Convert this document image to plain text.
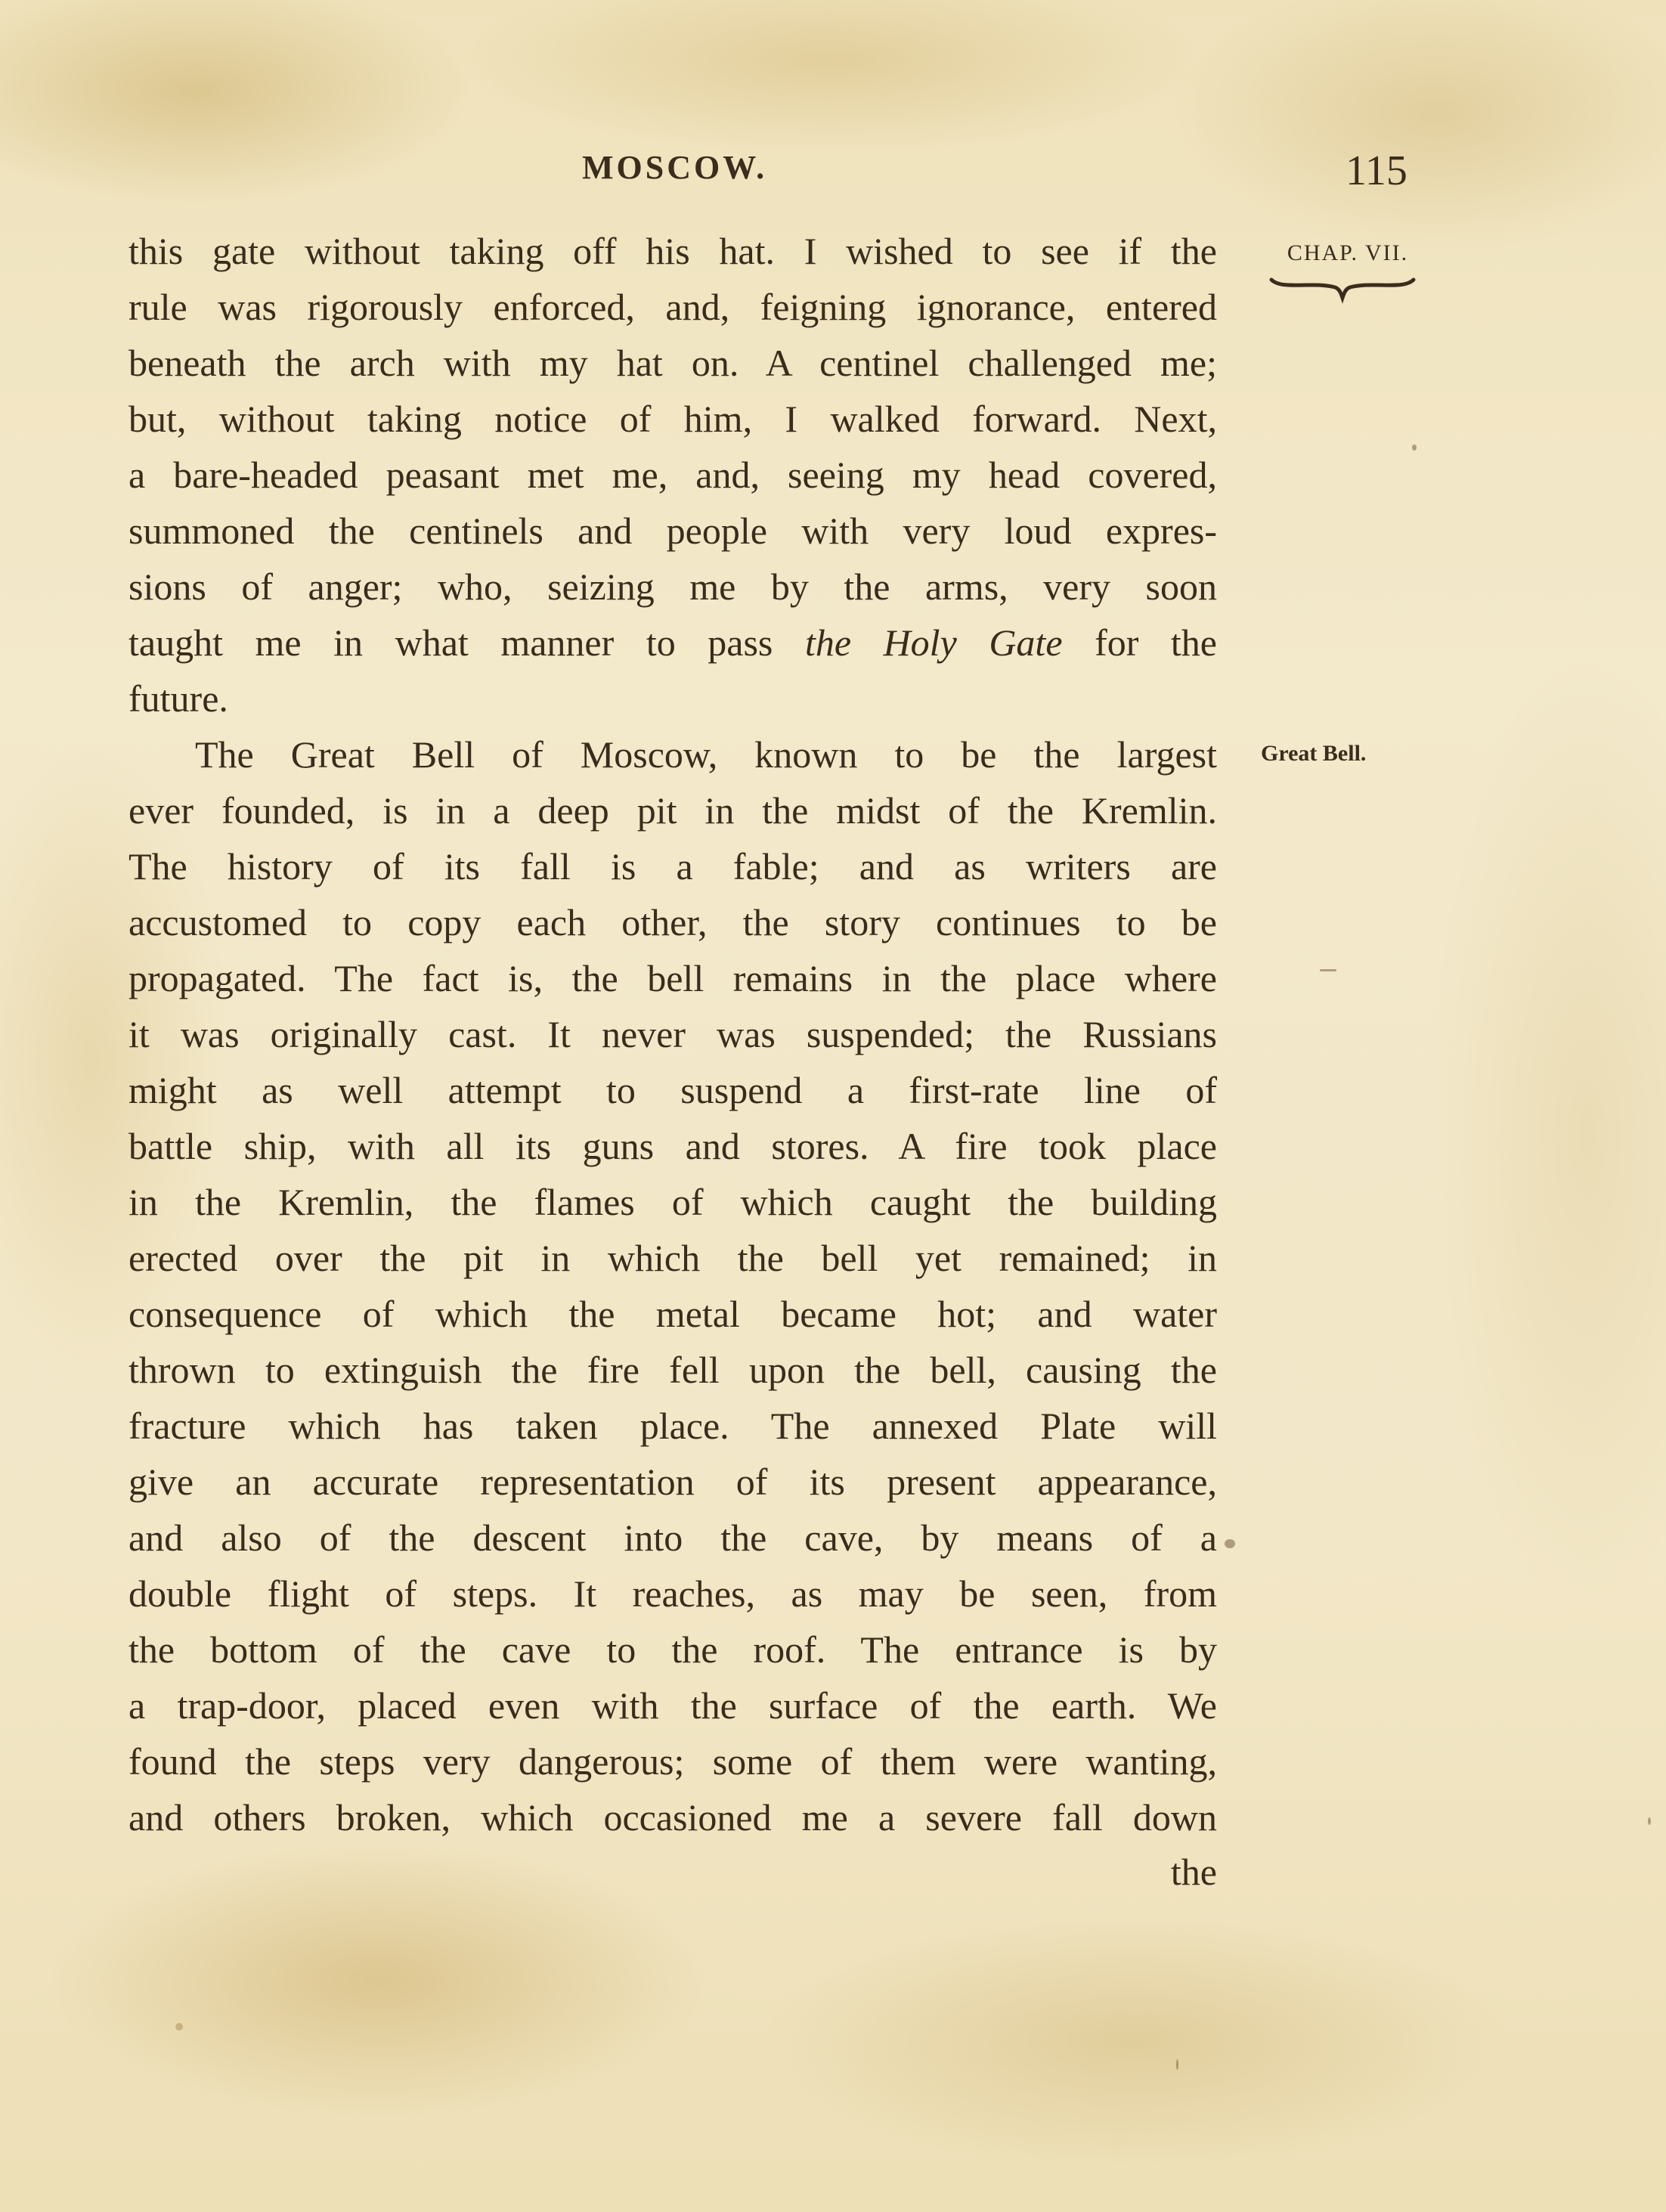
MOSCOW.	115
CHAP. VII.
Great Bell.
this gate without taking off his hat. I wished to see if the
rule was rigorously enforced, and, feigning ignorance, entered
beneath the arch with my hat on. A centinel challenged me;
but, without taking notice of him, I walked forward. Next,
a bare-headed peasant met me, and, seeing my head covered,
summoned the centinels and people with very loud expres-
sions of anger; who, seizing me by the arms, very soon
taught me in what manner to pass the Holy Gate for the
future.
The Great Bell of Moscow, known to be the largest
ever founded, is in a deep pit in the midst of the Kremlin.
The history of its fall is a fable; and as writers are
accustomed to copy each other, the story continues to be
propagated. The fact is, the bell remains in the place where
it was originally cast. It never was suspended; the Russians
might as well attempt to suspend a first-rate line of
battle ship, with all its guns and stores. A fire took place
in the Kremlin, the flames of which caught the building
erected over the pit in which the bell yet remained; in
consequence of which the metal became hot; and water
thrown to extinguish the fire fell upon the bell, causing the
fracture which has taken place. The annexed Plate will
give an accurate representation of its present appearance,
and also of the descent into the cave, by means of a
double flight of steps. It reaches, as may be seen, from
the bottom of the cave to the roof. The entrance is by
a trap-door, placed even with the surface of the earth. We
found the steps very dangerous; some of them were wanting,
and others broken, which occasioned me a severe fall down
the
